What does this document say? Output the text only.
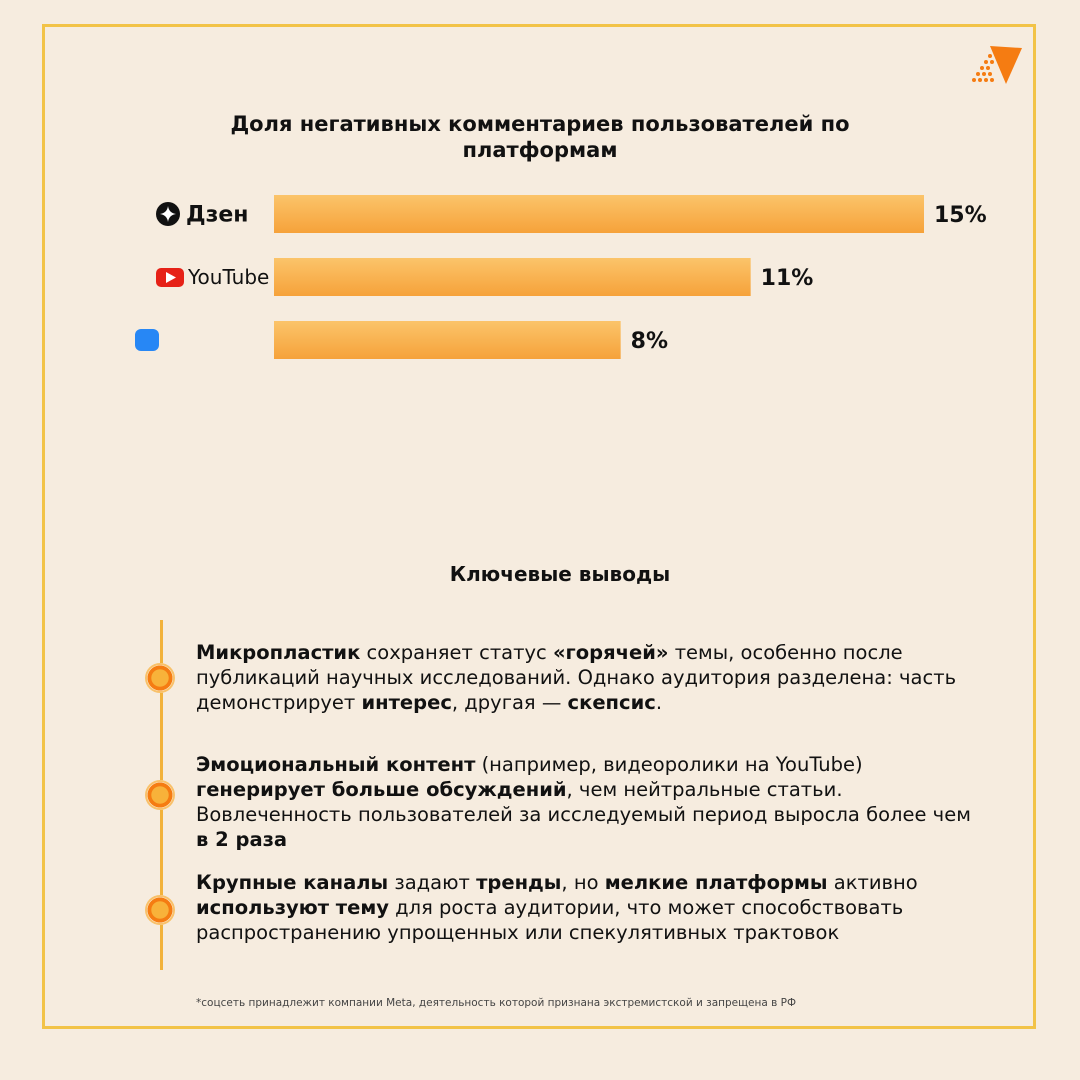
Доля негативных комментариев пользователей по платформам
15%
Дзен
11%
YouTube
8%
Ключевые выводы
Микропластик сохраняет статус «горячей» темы, особенно после публикаций научных исследований. Однако аудитория разделена: часть демонстрирует интерес, другая — скепсис.
Эмоциональный контент (например, видеоролики на YouTube) генерирует больше обсуждений, чем нейтральные статьи. Вовлеченность пользователей за исследуемый период выросла более чем в 2 раза
Крупные каналы задают тренды, но мелкие платформы активно используют тему для роста аудитории, что может способствовать распространению упрощенных или спекулятивных трактовок
*соцсеть принадлежит компании Meta, деятельность которой признана экстремистской и запрещена в РФ
